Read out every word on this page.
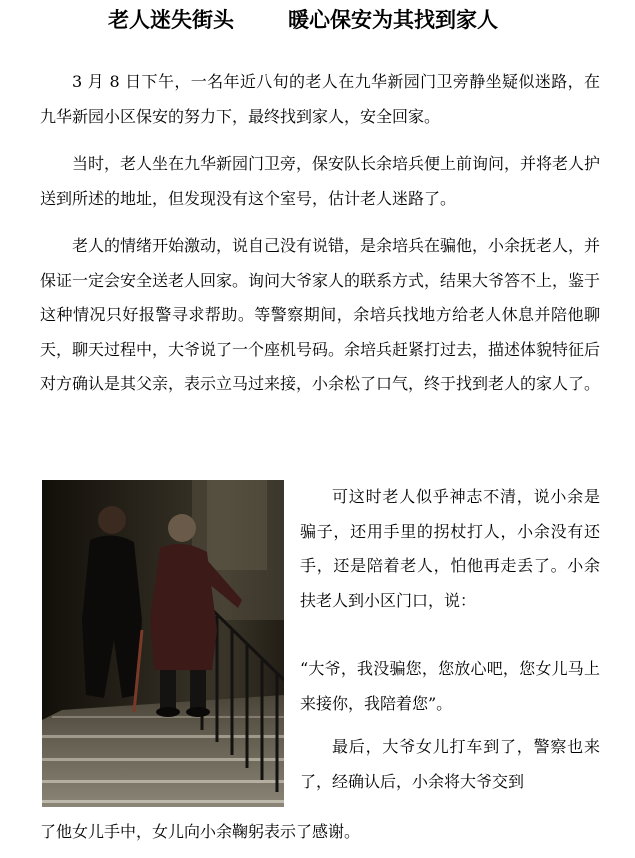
老人迷失街头	暖心保安为其找到家人

3 月 8 日下午，一名年近八旬的老人在九华新园门卫旁静坐疑似迷路，在九华新园小区保安的努力下，最终找到家人，安全回家。

当时，老人坐在九华新园门卫旁，保安队长余培兵便上前询问，并将老人护送到所述的地址，但发现没有这个室号，估计老人迷路了。

老人的情绪开始激动，说自己没有说错，是余培兵在骗他，小余抚老人，并保证一定会安全送老人回家。询问大爷家人的联系方式，结果大爷答不上，鉴于这种情况只好报警寻求帮助。等警察期间，余培兵找地方给老人休息并陪他聊天，聊天过程中，大爷说了一个座机号码。余培兵赶紧打过去，描述体貌特征后对方确认是其父亲，表示立马过来接，小余松了口气，终于找到老人的家人了。

可这时老人似乎神志不清，说小余是骗子，还用手里的拐杖打人，小余没有还手，还是陪着老人，怕他再走丢了。小余扶老人到小区门口，说：

“大爷，我没骗您，您放心吧，您女儿马上来接你，我陪着您”。

最后，大爷女儿打车到了，警察也来了，经确认后，小余将大爷交到

了他女儿手中，女儿向小余鞠躬表示了感谢。
